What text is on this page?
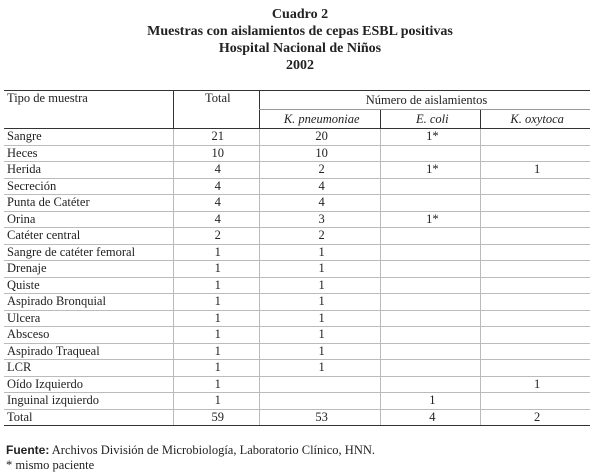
Cuadro 2
Muestras con aislamientos de cepas ESBL positivas
Hospital Nacional de Niños
2002
Tipo de muestra	Total	Número de aislamientos		
		K. pneumoniae	E. coli	K. oxytoca
Sangre	21	20	1*	
Heces	10	10		
Herida	4	2	1*	1
Secreción	4	4		
Punta de Catéter	4	4		
Orina	4	3	1*	
Catéter central	2	2		
Sangre de catéter femoral	1	1		
Drenaje	1	1		
Quiste	1	1		
Aspirado Bronquial	1	1		
Ulcera	1	1		
Absceso	1	1		
Aspirado Traqueal	1	1		
LCR	1	1		
Oído Izquierdo	1			1
Inguinal izquierdo	1		1	
Total	59	53	4	2
Fuente: Archivos División de Microbiología, Laboratorio Clínico, HNN.
* mismo paciente
